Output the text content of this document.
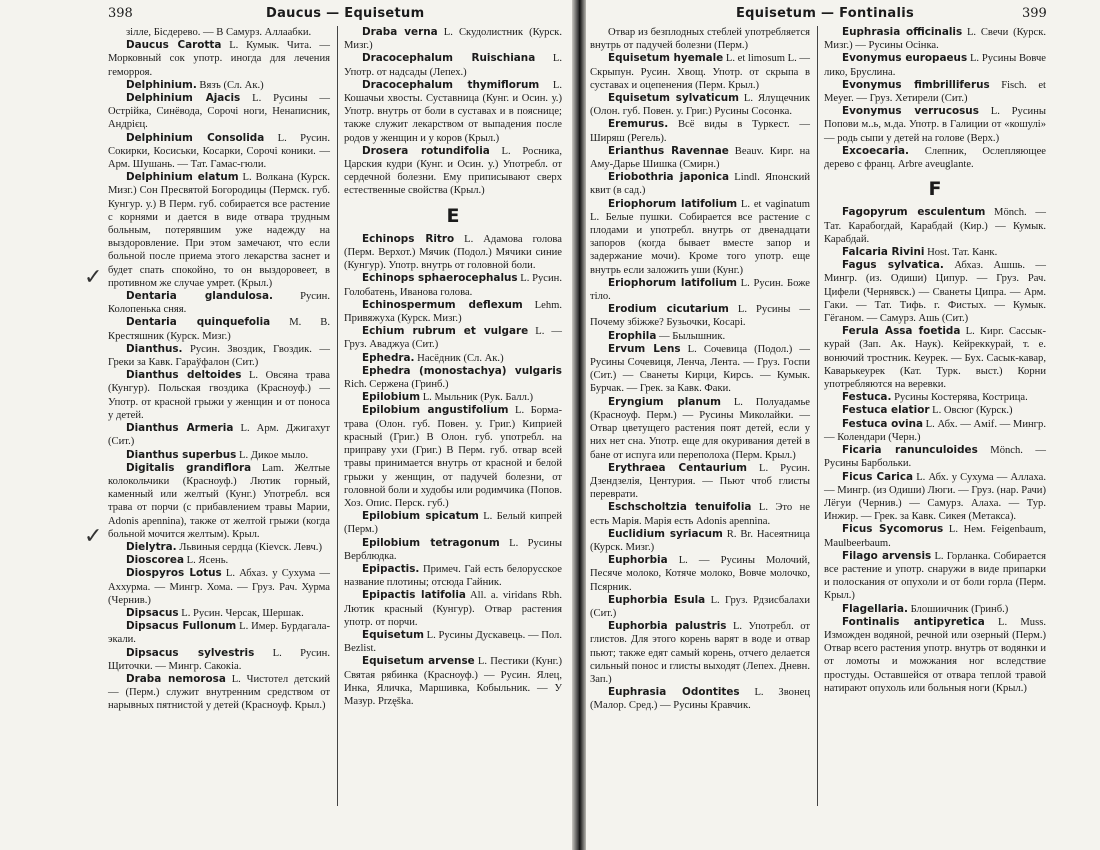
398	Daucus — Equisetum

зілле, Бісдерево. — В Самурз. Аллаабки.

Daucus Carotta L. Кумык. Чита. — Морковный сок употр. иногда для лечения геморроя.

Delphinium. Вязъ (Сл. Ак.)

Delphinium Ajacis L. Русины — Острійка, Синёвода, Сорочі ноги, Ненаписник, Андрієц.

Delphinium Consolida L. Русин. Сокирки, Косиськи, Косарки, Сорочі коники. — Арм. Шушань. — Тат. Гамас-гюли.

Delphinium elatum L. Волкана (Курск. Мизг.) Сон Пресвятой Богородицы (Пермск. губ. Кунгур. у.) В Перм. губ. собирается все растение с корнями и дается в виде отвара трудным больным, потерявшим уже надежду на выздоровление. При этом замечают, что если больной после приема этого лекарства заснет и будет спать спокойно, то он выздоровеет, в противном же случае умрет. (Крыл.)

Dentaria glandulosa.	Русин. Колопенька сняя.

Dentaria quinquefolia M. B. Крестяшник (Курск. Мизг.)

Dianthus. Русин. Звоздик, Гвоздик. — Греки за Кавк. Гараўфалон (Сит.)

Dianthus deltoides L. Овсяна трава (Кунгур). Польская гвоздика (Красноуф.) — Употр. от красной грыжи у женщин и от поноса у детей.

Dianthus Armeria L. Арм. Джигахут (Сит.)

Dianthus superbus L. Дикое мыло.

Digitalis grandiflora Lam. Желтые колокольчики (Красноуф.) Лютик горный, каменный или желтый (Кунг.) Употребл. вся трава от порчи (с прибавлением травы Марии, Adonis apennina), также от желтой грыжи (когда больной мочится желтым). Крыл.

Dielytra. Львиныя сердца (Кievск. Левч.)

Dioscorea L. Ясень.

Diospyros Lotus L. Абхаз. у Сухума — Аххурма. — Мингр. Хома. — Груз. Рач. Хурма (Чернив.)

Dipsacus L. Русин. Черсак, Шершак.

Dipsacus Fullonum L. Имер. Бурдагала-экали.

Dipsacus sylvestris L. Русин. Щиточки. — Мингр. Сакокіа.

Draba nemorosa L. Чистотел детский — (Перм.) служит внутренним средством от нарывных пятнистой у детей (Красноуф. Крыл.)

Draba verna L. Скудолистник (Курск. Мизг.)

Dracocephalum Ruischiana L. Употр. от надсады (Лепех.)

Dracocephalum thymiflorum L. Кошачьи хвосты. Суставница (Кунг. и Осин. у.) Употр. внутрь от боли в суставах и в пояснице; также служит лекарством от выпадения после родов у женщин и у коров (Крыл.)

Drosera rotundifolia L. Росника, Царския кудри (Кунг. и Осин. у.) Употребл. от сердечной болезни. Ему приписывают сверх естественные свойства (Крыл.)

E

Echinops Ritro L. Адамова голова (Перм. Верхот.) Мячик (Подол.) Мячики синие (Кунгур). Употр. внутрь от головной боли.

Echinops sphaerocephalus L. Русин. Голобатень, Иванова голова.

Echinospermum deflexum Lehm. Привяжуха (Курск. Мизг.)

Echium rubrum et vulgare L. — Груз. Авaджуа (Сит.)

Ephedra. Насёдник (Сл. Ак.)

Ephedra (monostachya) vulgaris Rich. Сержена (Гринб.)

Epilobium L. Мыльник (Рук. Балл.)

Epilobium angustifolium L. Борма-трава (Олон. губ. Повен. у. Григ.) Киприей красный (Григ.) В Олон. губ. употребл. на приправу ухи (Григ.) В Перм. губ. отвар всей травы принимается внутрь от красной и белой грыжи у женщин, от падучей болезни, от головной боли и худобы или родимчика (Попов. Хоз. Опис. Перск. губ.)

Epilobium spicatum L. Белый кипрей (Перм.)

Epilobium tetragonum L. Русины Верблюдка.

Epipactis. Примеч. Гай есть белорусское название плотины; отсюда Гайник.

Epipactis latifolia All. a. viridans Rbh. Лютик красный (Кунгур). Отвар растения употр. от порчи.

Equisetum L. Русины Дускавець. — Пол. Bezlist.

Equisetum arvense L. Пестики (Кунг.) Святая рябинка (Красноуф.) — Русин. Ялец, Инка, Яличка, Маршивка, Кобыльник. — У Мазур. Przęška.

✓
✓
399
Equisetum — Fontinalis

Отвар из безплодных стеблей употребляется внутрь от падучей болезни (Перм.)

Equisetum hyemale L. et limosum L. — Скрыпун. Русин. Хвощ. Употр. от скрыпа в суставах и оцепенения (Перм. Крыл.)

Equisetum sylvaticum L. Ялущечник (Олон. губ. Повен. у. Григ.) Русины Сосонка.

Eremurus. Всё виды в Туркест. — Ширяш (Регель).

Erianthus Ravennae Beauv. Кирг. на Аму-Дарье Шишка (Смирн.)

Eriobothria japonica Lindl. Японский квит (в сад.)

Eriophorum latifolium L. et vaginatum L. Белые пушки. Собирается все растение с плодами и употребл. внутрь от двенадцати запоров (когда бывает вместе запор и задержание мочи). Кроме того употр. еще внутрь если заложить уши (Кунг.)

Eriophorum latifolium L. Русин. Боже тіло.

Erodium cicutarium L. Русины — Почему збіжже? Бузьочки, Косарі.

Erophila — Былышник.

Ervum Lens L. Сочевица (Подол.) — Русины Сочевиця, Ленча, Лента. — Груз. Госпи (Сит.) — Сванеты Кирци, Кирсь. — Кумык. Бурчак. — Грек. за Кавк. Факи.

Eryngium planum L. Полуадамье (Красноуф. Перм.) — Русины Миколайки. — Отвар цветущего растения поят детей, если у них нет сна. Употр. еще для окуривания детей в бане от испуга или переполоха (Перм. Крыл.)

Erythraea Centaurium L. Русин. Дзендзелія, Центурия. — Пьют чтоб глисты переврати.

Eschscholtzia tenuifolia L. Это не есть Марія. Марія есть Adonis apennina.

Euclidium syriacum R. Br. Насеятница (Курск. Мизг.)

Euphorbia L. — Русины Молочий, Песяче молоко, Котяче молоко, Вовче молочко, Псярник.

Euphorbia Esula L. Груз. Рдзисбалахи (Сит.)

Euphorbia palustris L. Употребл. от глистов. Для этого корень варят в воде и отвар пьют; также едят самый корень, отчего делается сильный понос и глисты выходят (Лепех. Дневн. Зап.)

Euphrasia Odontites L. Звонец (Малор. Сред.) — Русины Кравчик.

Euphrasia officinalis L. Свечи (Курск. Мизг.) — Русины Осінка.

Evonymus europaeus L. Русины Вовче лико, Бруслина.

Evonymus fimbrilliferus Fisch. et Meyer. — Груз. Хетирели (Сит.)

Evonymus verrucosus L. Русины Попови м..ь, м.да. Употр. в Галиции от «кошулі» — родь сыпи у детей на голове (Верх.)

Excoecaria. Слепник, Ослепляющее дерево с франц. Arbre aveuglante.

F

Fagopyrum esculentum Mönch. — Тат. Карабогдай, Карабдай (Кир.) — Кумык. Карабдай.

Falcaria Rivini Host. Тат. Канк.

Fagus sylvatica. Абхаз. Ашшь. — Мингр. (из. Одиши) Ципур. — Груз. Рач. Цифели (Чернявск.) — Сванеты Ципра. — Арм. Гаки. — Тат. Тифь. г. Фистых. — Кумык. Гёганом. — Самурз. Ашь (Сит.)

Ferula Assa foetida L. Кирг. Сассык-курай (Зап. Ак. Наук). Кейреккурай, т. е. вонючий тростник. Кеурек. — Бух. Сасык-кавар, Каварькеурек (Кат. Турк. выст.) Корни употребляются на веревки.

Festuca. Русины Костерява, Кострица.

Festuca elatior L. Овсюг (Курск.)

Festuca ovina L. Абх. — Амif. — Мингр. — Колендари (Черн.)

Ficaria ranunculoides Mönch. — Русины Барбольки.

Ficus Carica L. Абх. у Сухума — Аллаха. — Мингр. (из Одиши) Люги. — Груз. (нар. Рачи) Лёгуи (Чернив.) — Самурз. Алаха. — Тур. Инжир. — Грек. за Кавк. Сикея (Метакса).

Ficus Sycomorus L. Нем. Feigenbaum, Maulbeerbaum.

Filago arvensis L. Горланка. Собирается все растение и употр. снаружи в виде припарки и полоскания от опухоли и от боли горла (Перм. Крыл.)

Flagellaria. Блошиичник (Гринб.)

Fontinalis antipyretica L. Muss. Изможден водяной, речной или озерный (Перм.) Отвар всего растения употр. внутрь от водянки и от ломоты и можжания ног вследствие простуды. Оставшейся от отвара теплой травой натирают опухоль или больныя ноги (Крыл.)
